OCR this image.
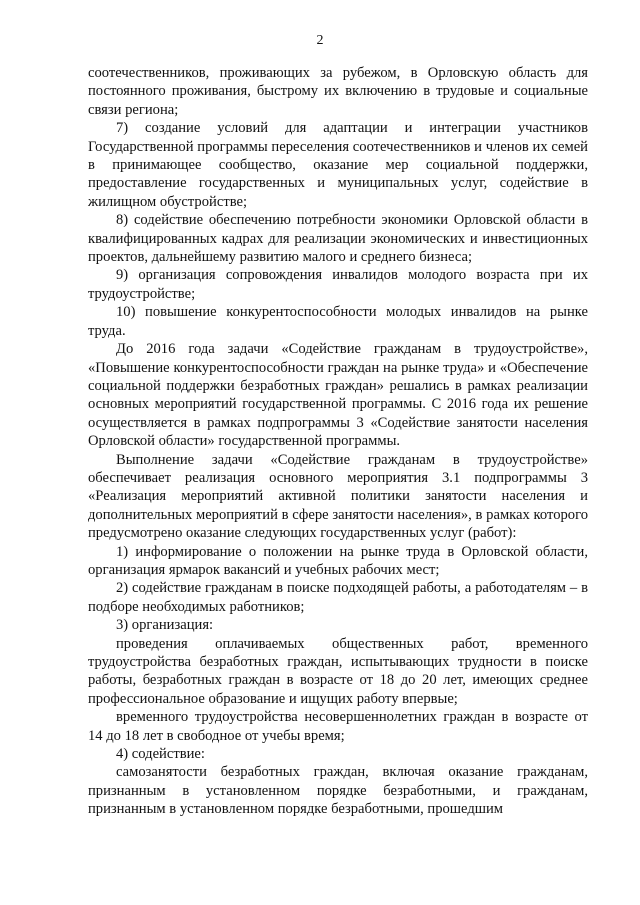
2

соотечественников, проживающих за рубежом, в Орловскую область для постоянного проживания, быстрому их включению в трудовые и социальные связи региона;

7) создание условий для адаптации и интеграции участников Государственной программы переселения соотечественников и членов их семей в принимающее сообщество, оказание мер социальной поддержки, предоставление государственных и муниципальных услуг, содействие в жилищном обустройстве;

8) содействие обеспечению потребности экономики Орловской области в квалифицированных кадрах для реализации экономических и инвестиционных проектов, дальнейшему развитию малого и среднего бизнеса;

9) организация сопровождения инвалидов молодого возраста при их трудоустройстве;

10) повышение конкурентоспособности молодых инвалидов на рынке труда.

До 2016 года задачи «Содействие гражданам в трудоустройстве», «Повышение конкурентоспособности граждан на рынке труда» и «Обеспечение социальной поддержки безработных граждан» решались в рамках реализации основных мероприятий государственной программы. С 2016 года их решение осуществляется в рамках подпрограммы 3 «Содействие занятости населения Орловской области» государственной программы.

Выполнение задачи «Содействие гражданам в трудоустройстве» обеспечивает реализация основного мероприятия 3.1 подпрограммы 3 «Реализация мероприятий активной политики занятости населения и дополнительных мероприятий в сфере занятости населения», в рамках которого предусмотрено оказание следующих государственных услуг (работ):

1) информирование о положении на рынке труда в Орловской области, организация ярмарок вакансий и учебных рабочих мест;

2) содействие гражданам в поиске подходящей работы, а работодателям – в подборе необходимых работников;

3) организация:

проведения оплачиваемых общественных работ, временного трудоустройства безработных граждан, испытывающих трудности в поиске работы, безработных граждан в возрасте от 18 до 20 лет, имеющих среднее профессиональное образование и ищущих работу впервые;

временного трудоустройства несовершеннолетних граждан в возрасте от 14 до 18 лет в свободное от учебы время;

4) содействие:

самозанятости безработных граждан, включая оказание гражданам, признанным в установленном порядке безработными, и гражданам, признанным в установленном порядке безработными, прошедшим
